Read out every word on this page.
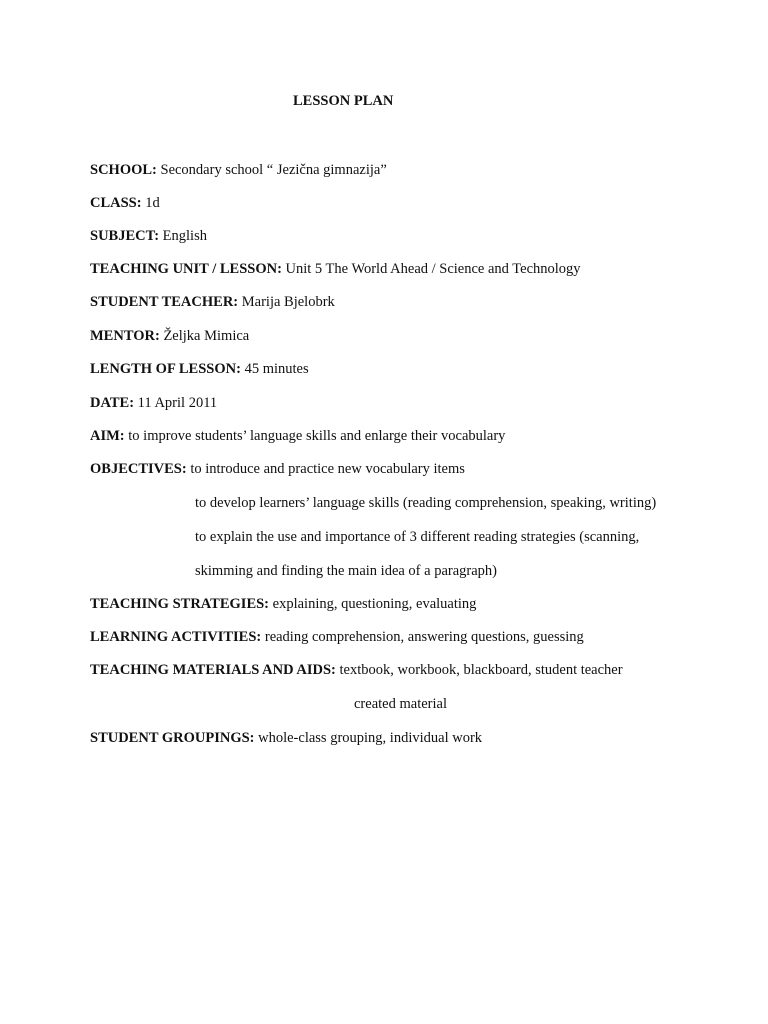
LESSON PLAN
SCHOOL: Secondary school “ Jezična gimnazija”
CLASS: 1d
SUBJECT: English
TEACHING UNIT / LESSON: Unit 5 The World Ahead / Science and Technology
STUDENT TEACHER: Marija Bjelobrk
MENTOR: Željka Mimica
LENGTH OF LESSON: 45 minutes
DATE: 11 April 2011
AIM: to improve students’ language skills and enlarge their vocabulary
OBJECTIVES: to introduce and practice new vocabulary items
to develop learners’ language skills (reading comprehension, speaking, writing)
to explain the use and importance of 3 different reading strategies (scanning,
skimming and finding the main idea of a paragraph)
TEACHING STRATEGIES: explaining, questioning, evaluating
LEARNING ACTIVITIES: reading comprehension, answering questions, guessing
TEACHING MATERIALS AND AIDS: textbook, workbook, blackboard, student teacher
created material
STUDENT GROUPINGS: whole-class grouping, individual work
